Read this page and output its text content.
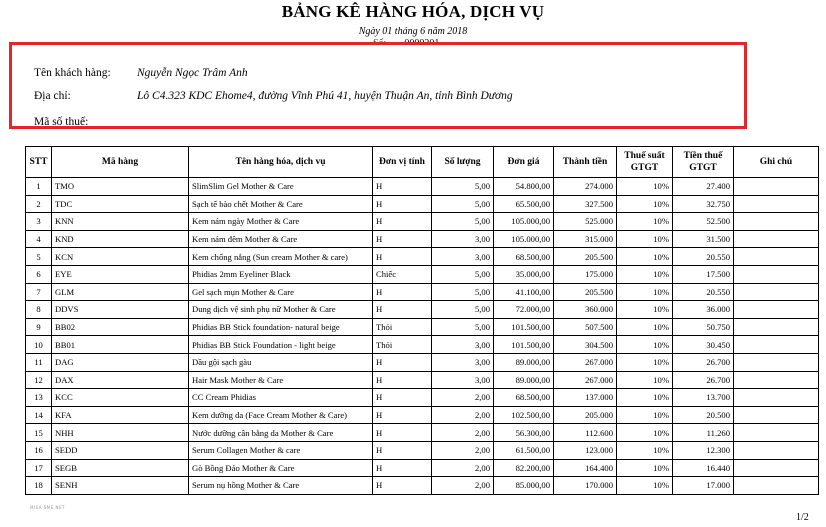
BẢNG KÊ HÀNG HÓA, DỊCH VỤ
Ngày 01 tháng 6 năm 2018
Tên khách hàng: Nguyễn Ngọc Trâm Anh
Địa chỉ:	Lô C4.323 KDC Ehome4, đường Vĩnh Phú 41, huyện Thuận An, tỉnh Bình Dương
Mã số thuế:
STT	Mã hàng	Tên hàng hóa, dịch vụ	Đơn vị tính	Số lượng	Đơn giá	Thành tiền	Thuế suất GTGT	Tiền thuế GTGT	Ghi chú
1	TMO	SlimSlim Gel Mother & Care	H	5,00	54.800,00	274.000	10%	27.400	
2	TDC	Sạch tế bào chết Mother & Care	H	5,00	65.500,00	327.500	10%	32.750	
3	KNN	Kem nám ngày Mother & Care	H	5,00	105.000,00	525.000	10%	52.500	
4	KND	Kem nám đêm Mother & Care	H	3,00	105.000,00	315.000	10%	31.500	
5	KCN	Kem chống nắng (Sun cream Mother & care)	H	3,00	68.500,00	205.500	10%	20.550	
6	EYE	Phidias 2mm Eyeliner Black	Chiếc	5,00	35.000,00	175.000	10%	17.500	
7	GLM	Gel sạch mụn Mother & Care	H	5,00	41.100,00	205.500	10%	20.550	
8	DDVS	Dung dịch vệ sinh phụ nữ Mother & Care	H	5,00	72.000,00	360.000	10%	36.000	
9	BB02	Phidias BB Stick foundation- natural beige	Thỏi	5,00	101.500,00	507.500	10%	50.750	
10	BB01	Phidias BB Stick Foundation - light beige	Thỏi	3,00	101.500,00	304.500	10%	30.450	
11	DAG	Dầu gội sạch gàu	H	3,00	89.000,00	267.000	10%	26.700	
12	DAX	Hair Mask Mother & Care	H	3,00	89.000,00	267.000	10%	26.700	
13	KCC	CC Cream Phidias	H	2,00	68.500,00	137.000	10%	13.700	
14	KFA	Kem dưỡng da (Face Cream Mother & Care)	H	2,00	102.500,00	205.000	10%	20.500	
15	NHH	Nước dưỡng cân bằng da Mother & Care	H	2,00	56.300,00	112.600	10%	11.260	
16	SEDD	Serum Collagen Mother & care	H	2,00	61.500,00	123.000	10%	12.300	
17	SEGB	Gò Bồng Đảo Mother & Care	H	2,00	82.200,00	164.400	10%	16.440	
18	SENH	Serum nụ hồng Mother & Care	H	2,00	85.000,00	170.000	10%	17.000	
MISA SME.NET
1/2
